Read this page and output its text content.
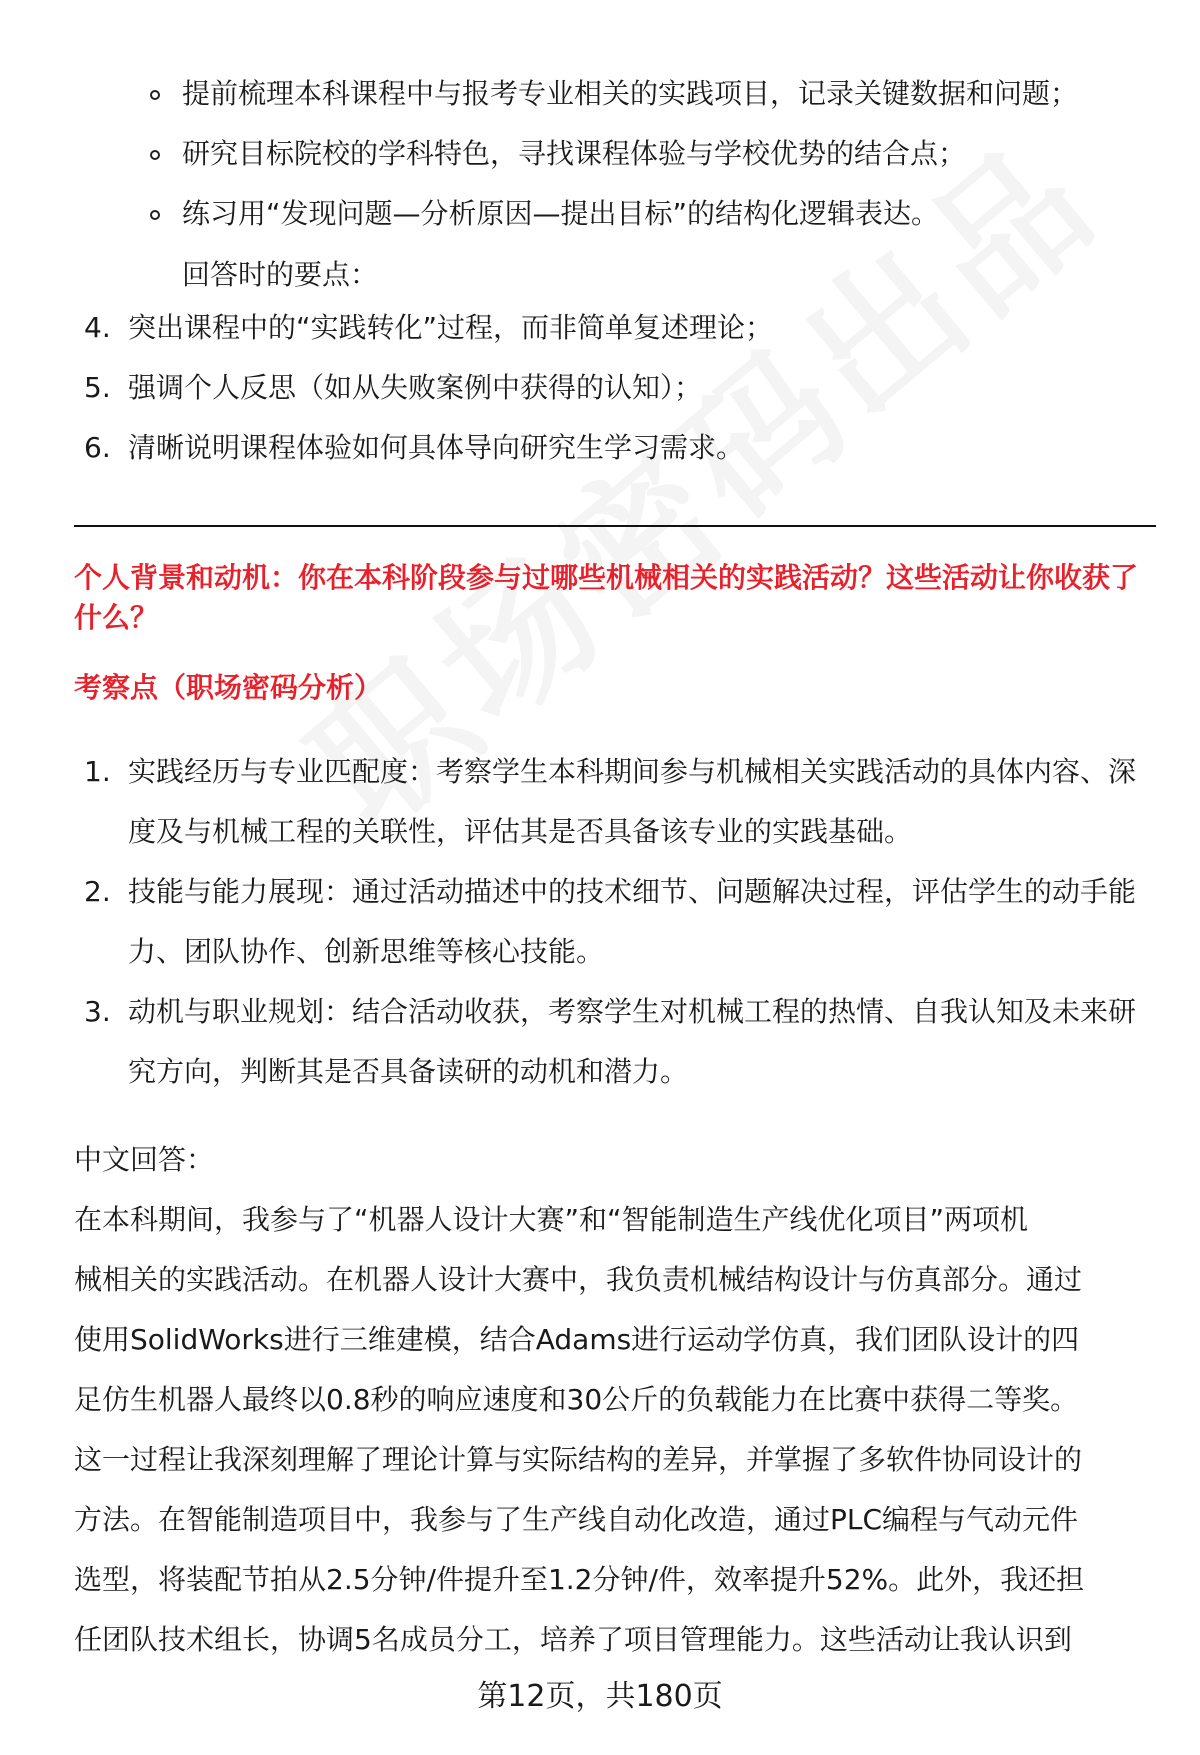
提前梳理本科课程中与报考专业相关的实践项目，记录关键数据和问题；
研究目标院校的学科特色，寻找课程体验与学校优势的结合点；
练习用“发现问题—分析原因—提出目标”的结构化逻辑表达。
回答时的要点：
4. 突出课程中的“实践转化”过程，而非简单复述理论；
5. 强调个人反思（如从失败案例中获得的认知）；
6. 清晰说明课程体验如何具体导向研究生学习需求。
个人背景和动机：你在本科阶段参与过哪些机械相关的实践活动？这些活动让你收获了什么？
考察点（职场密码分析）
1. 实践经历与专业匹配度：考察学生本科期间参与机械相关实践活动的具体内容、深度及与机械工程的关联性，评估其是否具备该专业的实践基础。
2. 技能与能力展现：通过活动描述中的技术细节、问题解决过程，评估学生的动手能力、团队协作、创新思维等核心技能。
3. 动机与职业规划：结合活动收获，考察学生对机械工程的热情、自我认知及未来研究方向，判断其是否具备读研的动机和潜力。
中文回答：

在本科期间，我参与了“机器人设计大赛”和“智能制造生产线优化项目”两项机
械相关的实践活动。在机器人设计大赛中，我负责机械结构设计与仿真部分。通过
使用SolidWorks进行三维建模，结合Adams进行运动学仿真，我们团队设计的四
足仿生机器人最终以0.8秒的响应速度和30公斤的负载能力在比赛中获得二等奖。
这一过程让我深刻理解了理论计算与实际结构的差异，并掌握了多软件协同设计的
方法。在智能制造项目中，我参与了生产线自动化改造，通过PLC编程与气动元件
选型，将装配节拍从2.5分钟/件提升至1.2分钟/件，效率提升52%。此外，我还担
任团队技术组长，协调5名成员分工，培养了项目管理能力。这些活动让我认识到

第12页，共180页
